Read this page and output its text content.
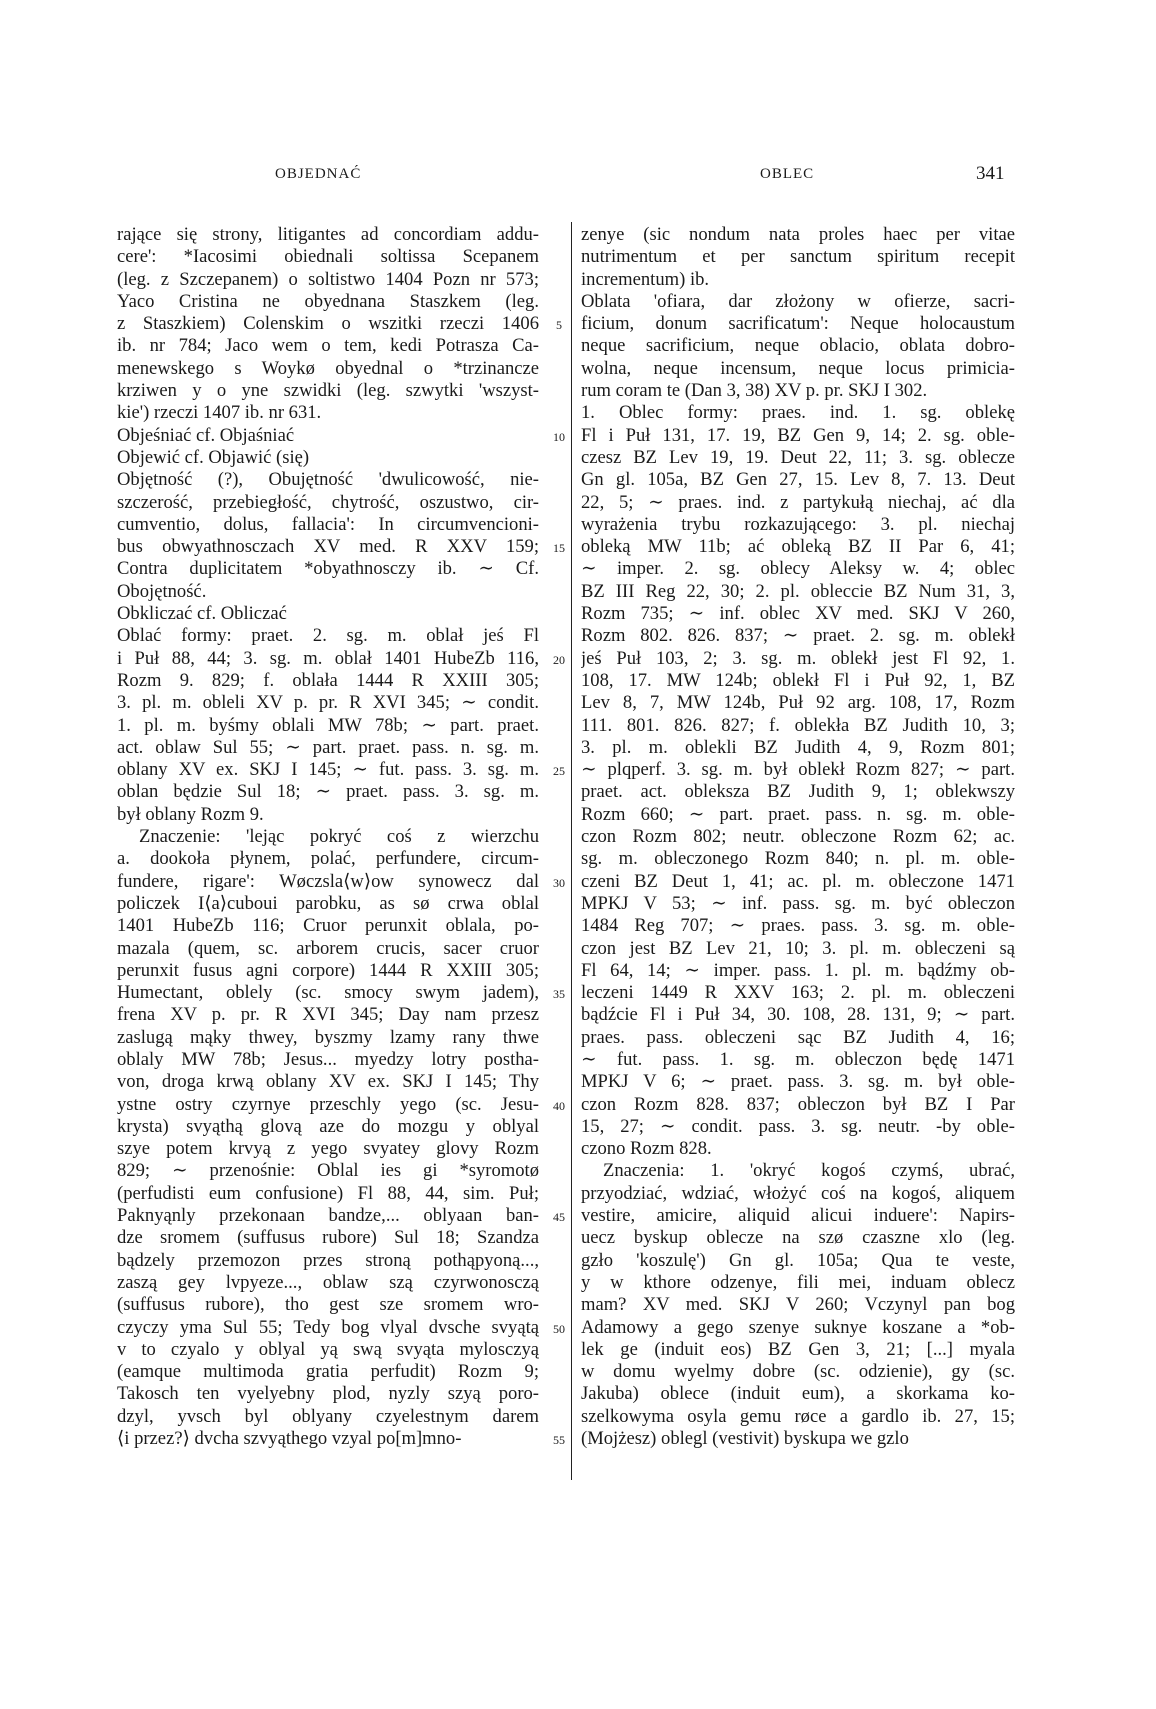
OBJEDNAĆ	OBLEC	341
rające się strony, litigantes ad concordiam addu-
cere': *Iacosimi obiednali soltissa Scepanem
(leg. z Szczepanem) o soltistwo 1404 Pozn nr 573;
Yaco Cristina ne obyednana Staszkem (leg.
z Staszkiem) Colenskim o wszitki rzeczi 1406
ib. nr 784; Jaco wem o tem, kedi Potrasza Ca-
menewskego s Woykø obyednal o *trzinancze
krziwen y o yne szwidki (leg. szwytki 'wszyst-
kie') rzeczi 1407 ib. nr 631.
Objeśniać cf. Objaśniać
Objewić cf. Objawić (się)
Objętność (?), Obujętność 'dwulicowość, nie-
szczerość, przebiegłość, chytrość, oszustwo, cir-
cumventio, dolus, fallacia': In circumvencioni-
bus obwyathnosczach XV med. R XXV 159;
Contra duplicitatem *obyathnosczy ib. ∼ Cf.
Obojętność.
Obkliczać cf. Obliczać
Oblać formy: praet. 2. sg. m. oblał jeś Fl
i Puł 88, 44; 3. sg. m. oblał 1401 HubeZb 116,
Rozm 9. 829; f. oblała 1444 R XXIII 305;
3. pl. m. obleli XV p. pr. R XVI 345; ∼ condit.
1. pl. m. byśmy oblali MW 78b; ∼ part. praet.
act. oblaw Sul 55; ∼ part. praet. pass. n. sg. m.
oblany XV ex. SKJ I 145; ∼ fut. pass. 3. sg. m.
oblan będzie Sul 18; ∼ praet. pass. 3. sg. m.
był oblany Rozm 9.
Znaczenie: 'lejąc pokryć coś z wierzchu
a. dookoła płynem, polać, perfundere, circum-
fundere, rigare': Wøczsla⟨w⟩ow synowecz dal
policzek I⟨a⟩cuboui parobku, as sø crwa oblal
1401 HubeZb 116; Cruor perunxit oblala, po-
mazala (quem, sc. arborem crucis, sacer cruor
perunxit fusus agni corpore) 1444 R XXIII 305;
Humectant, oblely (sc. smocy swym jadem),
frena XV p. pr. R XVI 345; Day nam przesz
zaslugą mąky thwey, byszmy lzamy rany thwe
oblaly MW 78b; Jesus... myedzy lotry postha-
von, droga krwą oblany XV ex. SKJ I 145; Thy
ystne ostry czyrnye przeschly yego (sc. Jesu-
krysta) svyąthą glovą aze do mozgu y oblyal
szye potem krvyą z yego svyatey glovy Rozm
829; ∼ przenośnie: Oblal ies gi *syromotø
(perfudisti eum confusione) Fl 88, 44, sim. Puł;
Paknyąnly przekonaan bandze,... oblyaan ban-
dze sromem (suffusus rubore) Sul 18; Szandza
bądzely przemozon przes stroną pothąpyoną...,
zaszą gey lvpyeze..., oblaw szą czyrwonosczą
(suffusus rubore), tho gest sze sromem wro-
czyczy yma Sul 55; Tedy bog vlyal dvsche svyątą
v to czyalo y oblyal yą swą svyąta mylosczyą
(eamque multimoda gratia perfudit) Rozm 9;
Takosch ten vyelyebny plod, nyzly szyą poro-
dzyl, yvsch byl oblyany czyelestnym darem
⟨i przez?⟩ dvcha szvyąthego vzyal po[m]mno-
5
10
15
20
25
30
35
40
45
50
55
zenye (sic nondum nata proles haec per vitae
nutrimentum et per sanctum spiritum recepit
incrementum) ib.
Oblata 'ofiara, dar złożony w ofierze, sacri-
ficium, donum sacrificatum': Neque holocaustum
neque sacrificium, neque oblacio, oblata dobro-
wolna, neque incensum, neque locus primicia-
rum coram te (Dan 3, 38) XV p. pr. SKJ I 302.
1. Oblec formy: praes. ind. 1. sg. oblekę
Fl i Puł 131, 17. 19, BZ Gen 9, 14; 2. sg. oble-
czesz BZ Lev 19, 19. Deut 22, 11; 3. sg. oblecze
Gn gl. 105a, BZ Gen 27, 15. Lev 8, 7. 13. Deut
22, 5; ∼ praes. ind. z partykułą niechaj, ać dla
wyrażenia trybu rozkazującego: 3. pl. niechaj
obleką MW 11b; ać obleką BZ II Par 6, 41;
∼ imper. 2. sg. oblecy Aleksy w. 4; oblec
BZ III Reg 22, 30; 2. pl. obleccie BZ Num 31, 3,
Rozm 735; ∼ inf. oblec XV med. SKJ V 260,
Rozm 802. 826. 837; ∼ praet. 2. sg. m. oblekł
jeś Puł 103, 2; 3. sg. m. oblekł jest Fl 92, 1.
108, 17. MW 124b; oblekł Fl i Puł 92, 1, BZ
Lev 8, 7, MW 124b, Puł 92 arg. 108, 17, Rozm
111. 801. 826. 827; f. oblekła BZ Judith 10, 3;
3. pl. m. oblekli BZ Judith 4, 9, Rozm 801;
∼ plqperf. 3. sg. m. był oblekł Rozm 827; ∼ part.
praet. act. obleksza BZ Judith 9, 1; oblekwszy
Rozm 660; ∼ part. praet. pass. n. sg. m. oble-
czon Rozm 802; neutr. obleczone Rozm 62; ac.
sg. m. obleczonego Rozm 840; n. pl. m. oble-
czeni BZ Deut 1, 41; ac. pl. m. obleczone 1471
MPKJ V 53; ∼ inf. pass. sg. m. być obleczon
1484 Reg 707; ∼ praes. pass. 3. sg. m. oble-
czon jest BZ Lev 21, 10; 3. pl. m. obleczeni są
Fl 64, 14; ∼ imper. pass. 1. pl. m. bądźmy ob-
leczeni 1449 R XXV 163; 2. pl. m. obleczeni
bądźcie Fl i Puł 34, 30. 108, 28. 131, 9; ∼ part.
praes. pass. obleczeni sąc BZ Judith 4, 16;
∼ fut. pass. 1. sg. m. obleczon będę 1471
MPKJ V 6; ∼ praet. pass. 3. sg. m. był oble-
czon Rozm 828. 837; obleczon był BZ I Par
15, 27; ∼ condit. pass. 3. sg. neutr. -by oble-
czono Rozm 828.
Znaczenia: 1. 'okryć kogoś czymś, ubrać,
przyodziać, wdziać, włożyć coś na kogoś, aliquem
vestire, amicire, aliquid alicui induere': Napirs-
uecz byskup oblecze na szø czaszne xlo (leg.
gzło 'koszulę') Gn gl. 105a; Qua te veste,
y w kthore odzenye, fili mei, induam oblecz
mam? XV med. SKJ V 260; Vczynyl pan bog
Adamowy a gego szenye suknye koszane a *ob-
lek ge (induit eos) BZ Gen 3, 21; [...] myala
w domu wyelmy dobre (sc. odzienie), gy (sc.
Jakuba) oblece (induit eum), a skorkama ko-
szelkowyma osyla gemu røce a gardlo ib. 27, 15;
(Mojżesz) oblegl (vestivit) byskupa we gzlo
